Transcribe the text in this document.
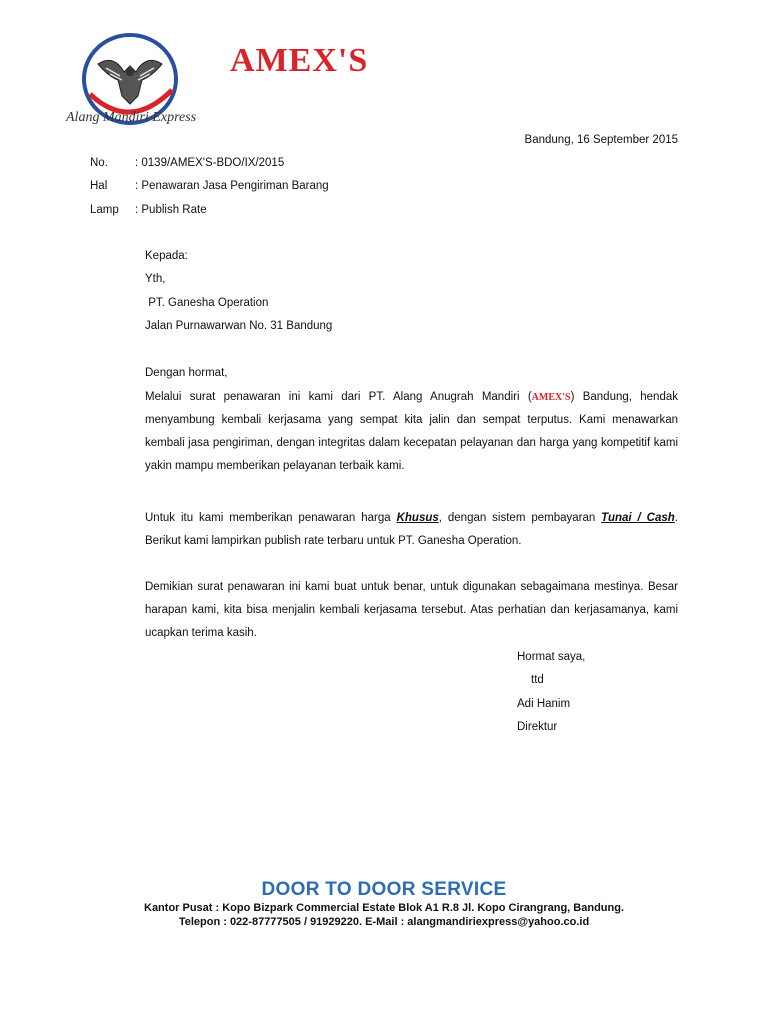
AMEX'S
Alang Mandiri Express
Bandung, 16 September 2015
No. : 0139/AMEX'S-BDO/IX/2015
Hal : Penawaran Jasa Pengiriman Barang
Lamp : Publish Rate
Kepada:
Yth,
PT. Ganesha Operation
Jalan Purnawarwan No. 31 Bandung
Dengan hormat,

Melalui surat penawaran ini kami dari PT. Alang Anugrah Mandiri (AMEX'S) Bandung, hendak menyambung kembali kerjasama yang sempat kita jalin dan sempat terputus. Kami menawarkan kembali jasa pengiriman, dengan integritas dalam kecepatan pelayanan dan harga yang kompetitif kami yakin mampu memberikan pelayanan terbaik kami.

Untuk itu kami memberikan penawaran harga Khusus, dengan sistem pembayaran Tunai / Cash. Berikut kami lampirkan publish rate terbaru untuk PT. Ganesha Operation.

Demikian surat penawaran ini kami buat untuk benar, untuk digunakan sebagaimana mestinya. Besar harapan kami, kita bisa menjalin kembali kerjasama tersebut. Atas perhatian dan kerjasamanya, kami ucapkan terima kasih.

Hormat saya,
ttd
Adi Hanim
Direktur
DOOR TO DOOR SERVICE
Kantor Pusat : Kopo Bizpark Commercial Estate Blok A1 R.8 Jl. Kopo Cirangrang, Bandung.
Telepon : 022-87777505 / 91929220. E-Mail : alangmandiriexpress@yahoo.co.id
